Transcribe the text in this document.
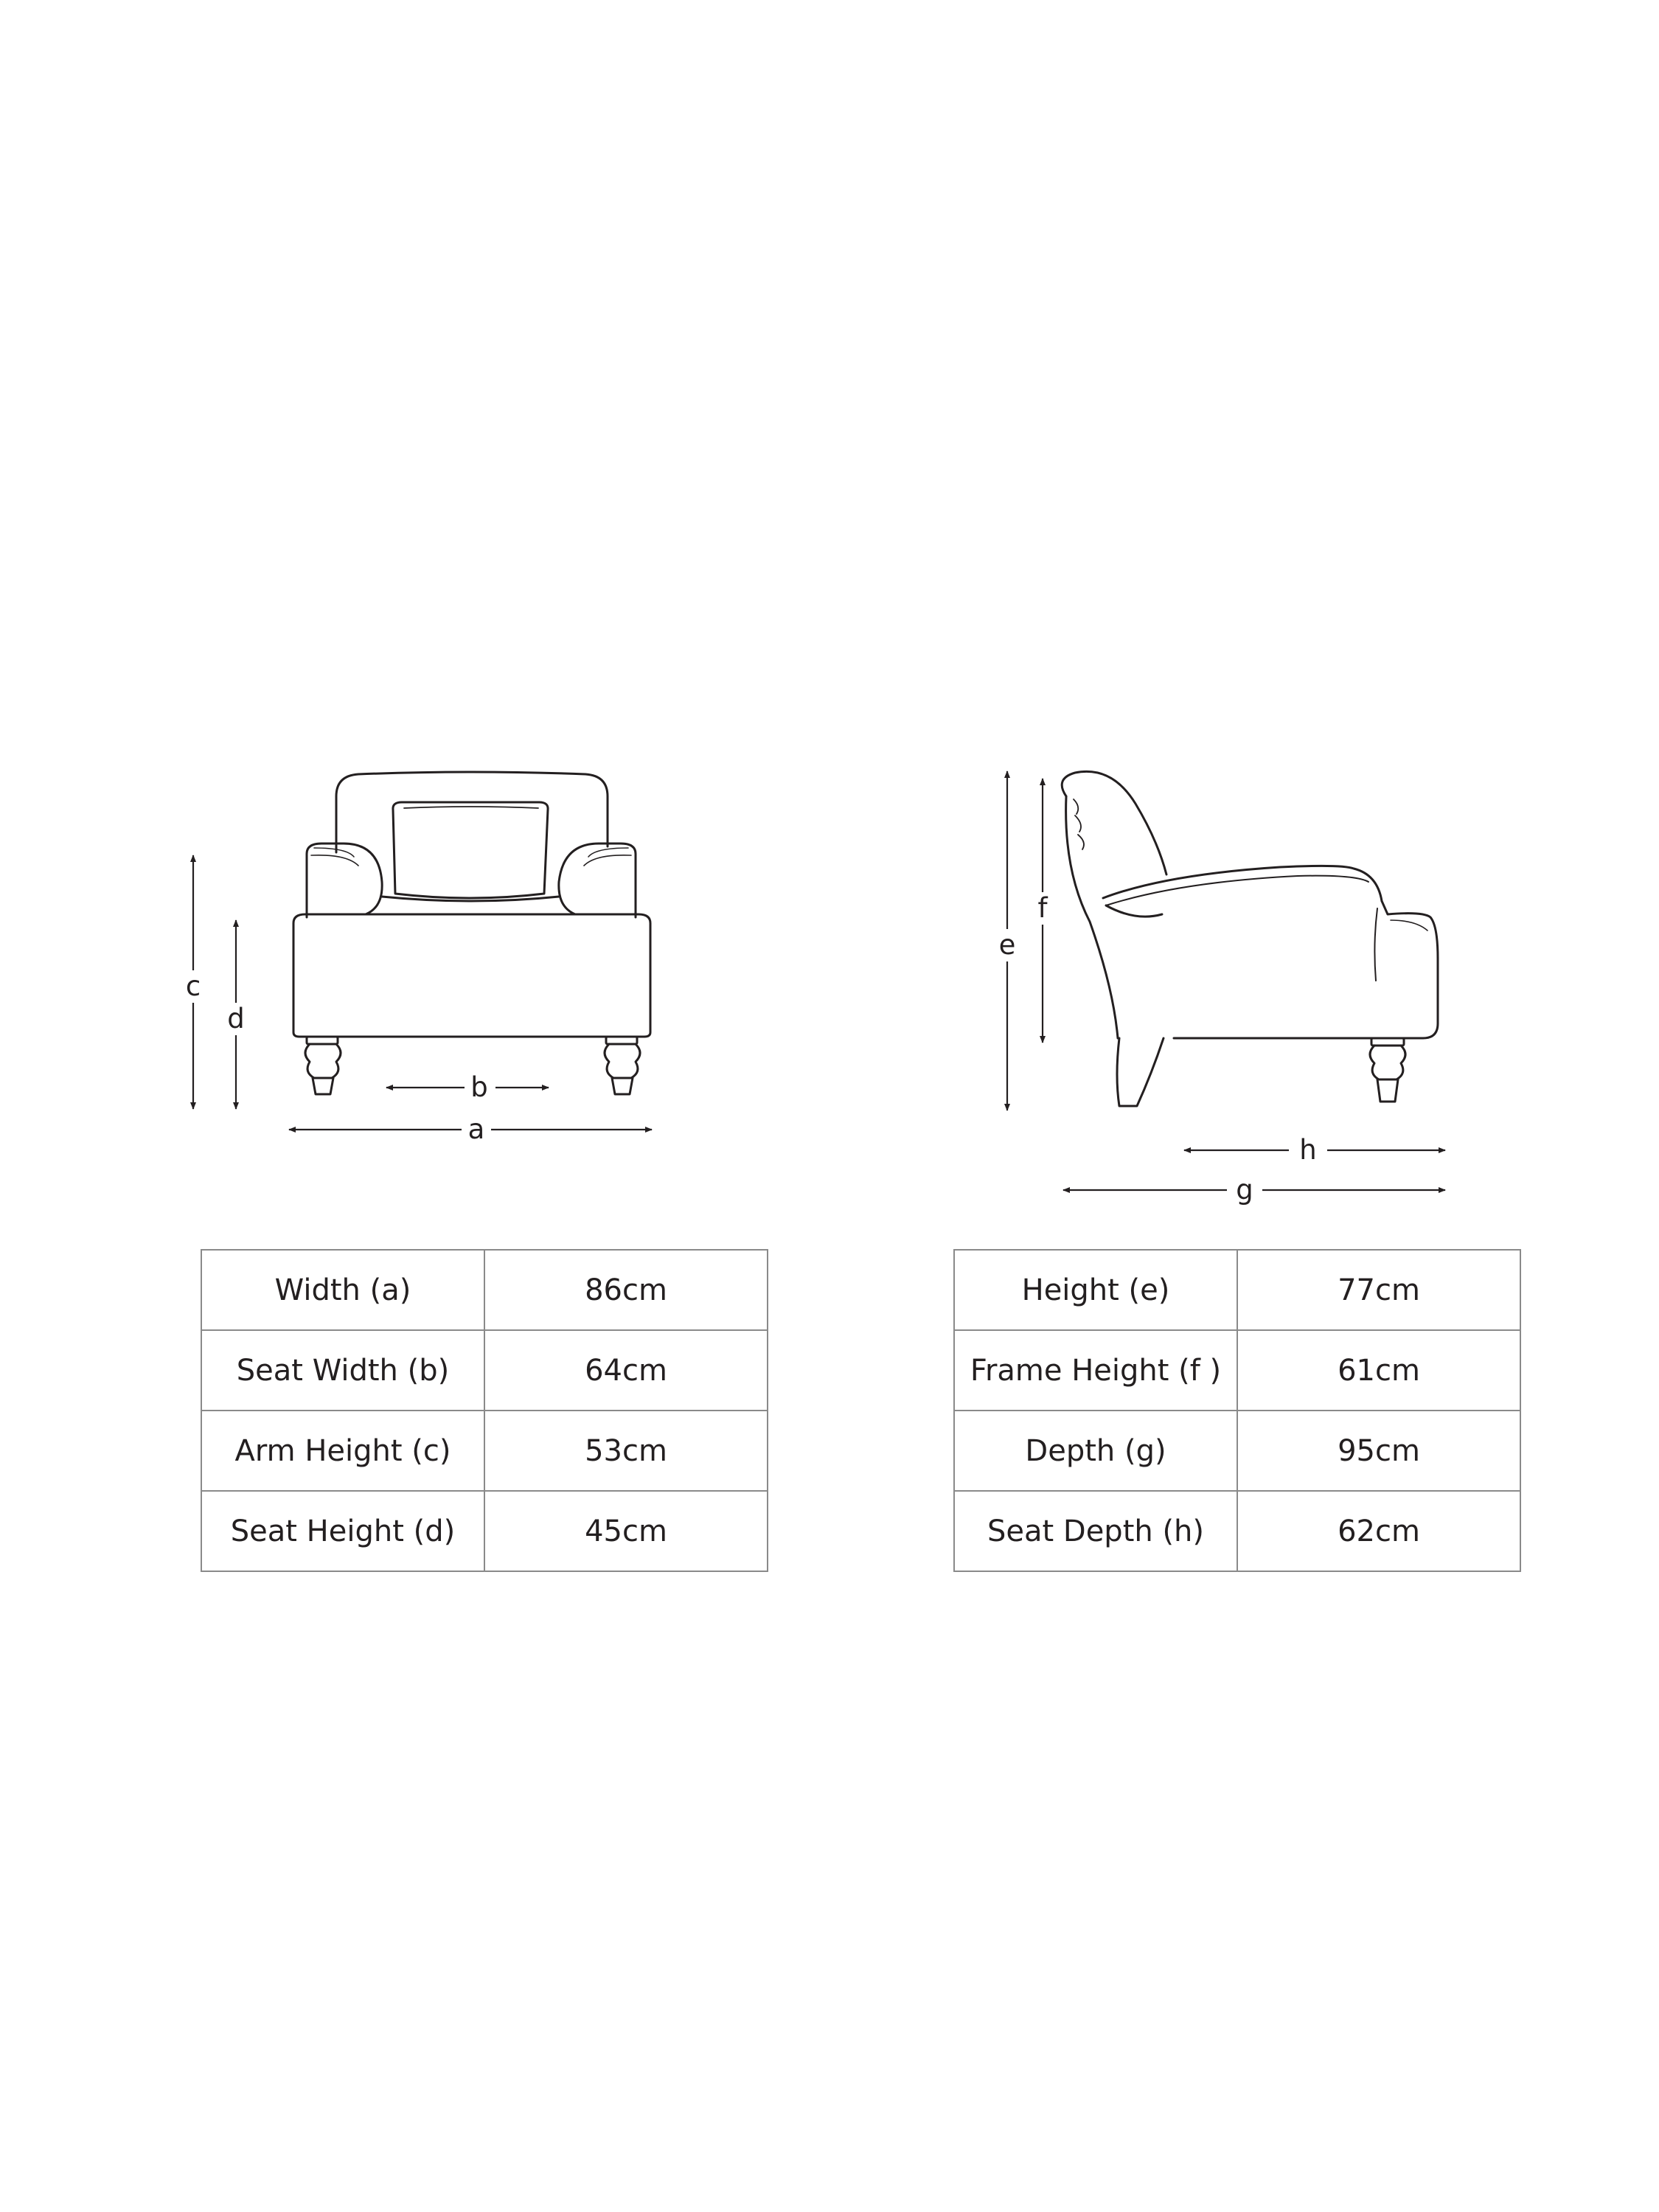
c
d
b
a
e
f
h
g
Width (a)	86cm
Seat Width (b)	64cm
Arm Height (c)	53cm
Seat Height (d)	45cm
Height (e)	77cm
Frame Height (f )	61cm
Depth (g)	95cm
Seat Depth (h)	62cm
